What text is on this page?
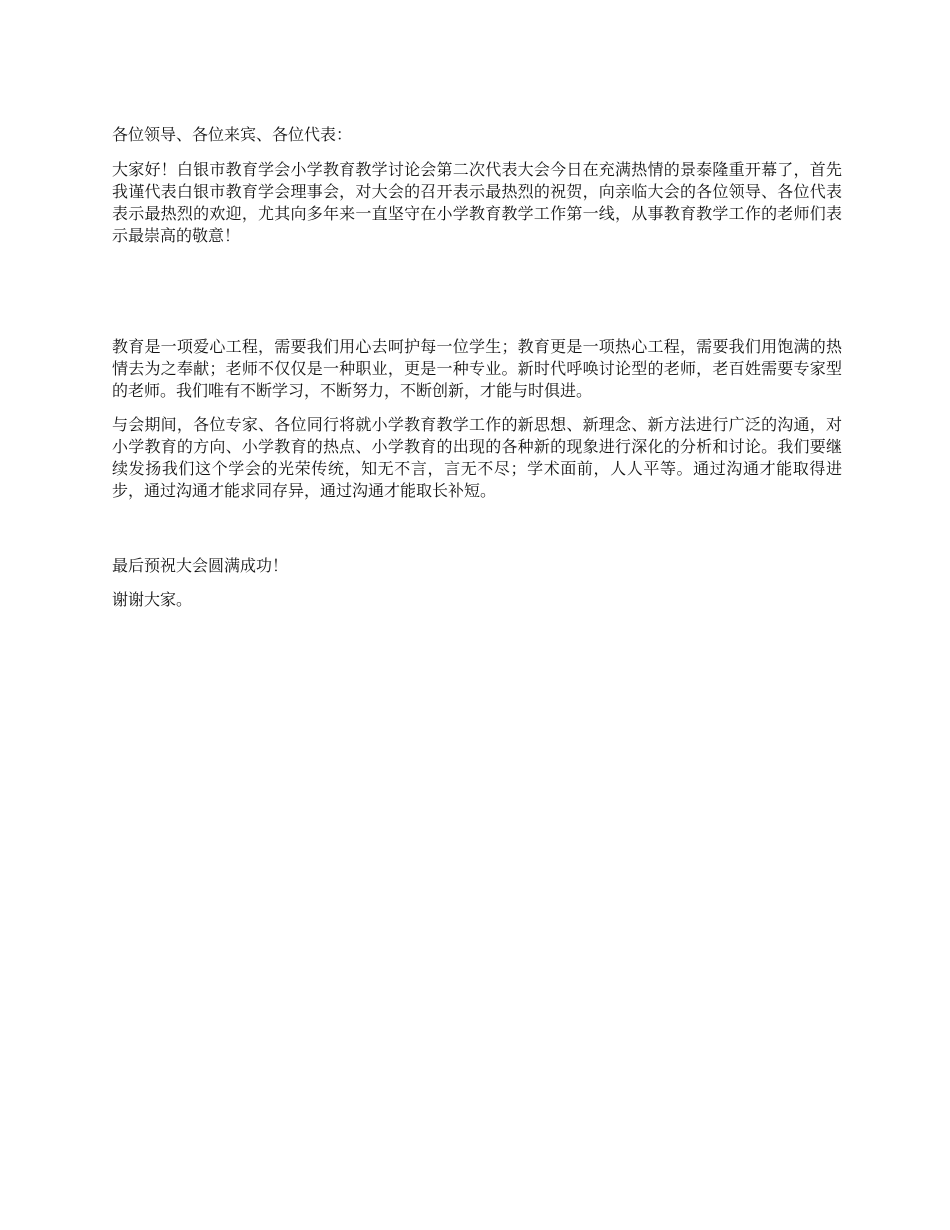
各位领导、各位来宾、各位代表：

大家好！白银市教育学会小学教育教学讨论会第二次代表大会今日在充满热情的景泰隆重开幕了，首先我谨代表白银市教育学会理事会，对大会的召开表示最热烈的祝贺，向亲临大会的各位领导、各位代表表示最热烈的欢迎，尤其向多年来一直坚守在小学教育教学工作第一线，从事教育教学工作的老师们表示最崇高的敬意！

教育是一项爱心工程，需要我们用心去呵护每一位学生；教育更是一项热心工程，需要我们用饱满的热情去为之奉献；老师不仅仅是一种职业，更是一种专业。新时代呼唤讨论型的老师，老百姓需要专家型的老师。我们唯有不断学习，不断努力，不断创新，才能与时俱进。

与会期间，各位专家、各位同行将就小学教育教学工作的新思想、新理念、新方法进行广泛的沟通，对小学教育的方向、小学教育的热点、小学教育的出现的各种新的现象进行深化的分析和讨论。我们要继续发扬我们这个学会的光荣传统，知无不言，言无不尽；学术面前，人人平等。通过沟通才能取得进步，通过沟通才能求同存异，通过沟通才能取长补短。

最后预祝大会圆满成功！

谢谢大家。
